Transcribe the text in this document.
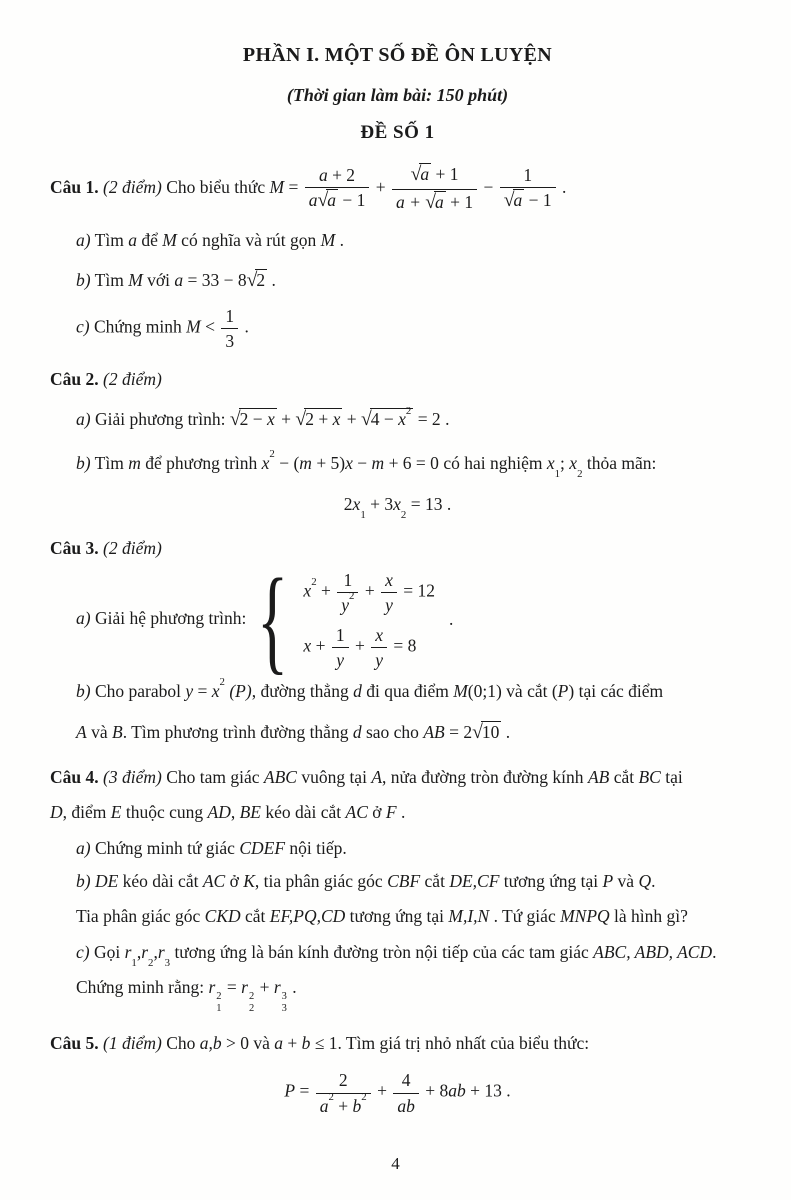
PHẦN I. MỘT SỐ ĐỀ ÔN LUYỆN
(Thời gian làm bài: 150 phút)
ĐỀ SỐ 1
Câu 1. (2 điểm) Cho biểu thức $M = \frac{a + 2}{a√a - 1} + \frac{√a + 1}{a + √a + 1} - \frac{1}{√a - 1}$ .
a) Tìm a để M có nghĩa và rút gọn M .
b) Tìm M với a = 33 − 8√2 .
c) Chứng minh $M < \frac{1}{3}$ .
Câu 2. (2 điểm)
a) Giải phương trình: $√2 - x + √2 + x + √4 - x^2 = 2$ .
b) Tìm m để phương trình $x^2 - (m + 5)x - m + 6 = 0$ có hai nghiệm $x_1$; $x_2$ thỏa mãn:
$2x_1 + 3x_2 = 13$ .
Câu 3. (2 điểm)
a) Giải hệ phương trình: { $x^2 + \frac{1}{y^2} + \frac{x}{y} = 12$
$x + \frac{1}{y} + \frac{x}{y} = 8$
.
b) Cho parabol $y = x^2$ (P), đường thẳng d đi qua điểm M(0;1) và cắt (P) tại các điểm
A và B. Tìm phương trình đường thẳng d sao cho AB = 2√10 .
Câu 4. (3 điểm) Cho tam giác ABC vuông tại A, nửa đường tròn đường kính AB cắt BC tại
D, điểm E thuộc cung AD, BE kéo dài cắt AC ở F .
a) Chứng minh tứ giác CDEF nội tiếp.
b) DE kéo dài cắt AC ở K, tia phân giác góc CBF cắt DE,CF tương ứng tại P và Q.
Tia phân giác góc CKD cắt EF,PQ,CD tương ứng tại M,I,N . Tứ giác MNPQ là hình gì?
c) Gọi $r_1,r_2,r_3$ tương ứng là bán kính đường tròn nội tiếp của các tam giác ABC, ABD, ACD.
Chứng minh rằng: r 2
1
= r 2
2
+ r 3
3
.
Câu 5. (1 điểm) Cho a,b > 0 và a + b ≤ 1. Tìm giá trị nhỏ nhất của biểu thức:
$P = \frac{2}{a^2 + b^2} + \frac{4}{ab} + 8ab + 13$ .
4
